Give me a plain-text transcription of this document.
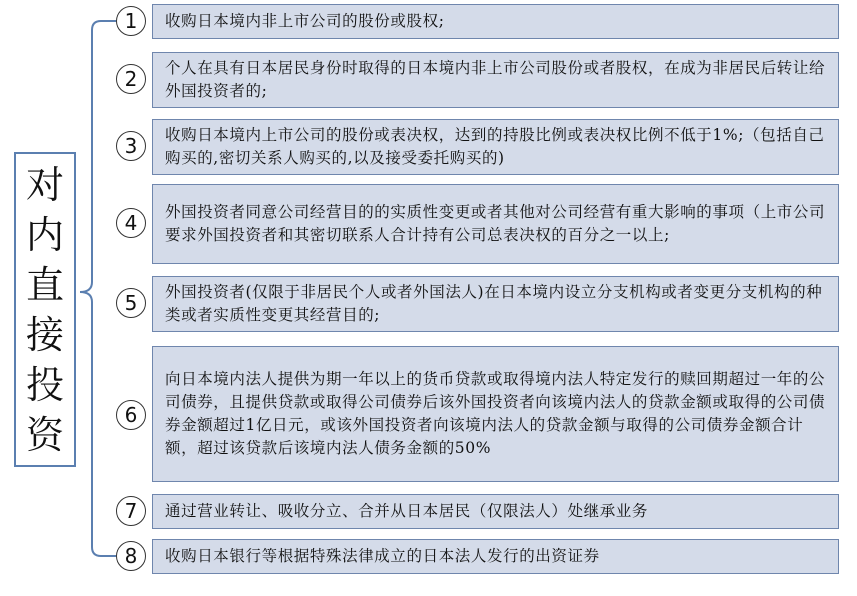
对内直接投资
1	收购日本境内非上市公司的股份或股权;
2	个人在具有日本居民身份时取得的日本境内非上市公司股份或者股权，在成为非居民后转让给外国投资者的;
3	收购日本境内上市公司的股份或表决权，达到的持股比例或表决权比例不低于1%;（包括自己购买的,密切关系人购买的,以及接受委托购买的)
4	外国投资者同意公司经营目的的实质性变更或者其他对公司经营有重大影响的事项（上市公司要求外国投资者和其密切联系人合计持有公司总表决权的百分之一以上;
5	外国投资者(仅限于非居民个人或者外国法人)在日本境内设立分支机构或者变更分支机构的种类或者实质性变更其经营目的;
6
向日本境内法人提供为期一年以上的货币贷款或取得境内法人特定发行的赎回期超过一年的公司债券，且提供贷款或取得公司债券后该外国投资者向该境内法人的贷款金额或取得的公司债券金额超过1亿日元，或该外国投资者向该境内法人的贷款金额与取得的公司债券金额合计额，超过该贷款后该境内法人债务金额的50%
7	通过营业转让、吸收分立、合并从日本居民（仅限法人）处继承业务
8	收购日本银行等根据特殊法律成立的日本法人发行的出资证券
